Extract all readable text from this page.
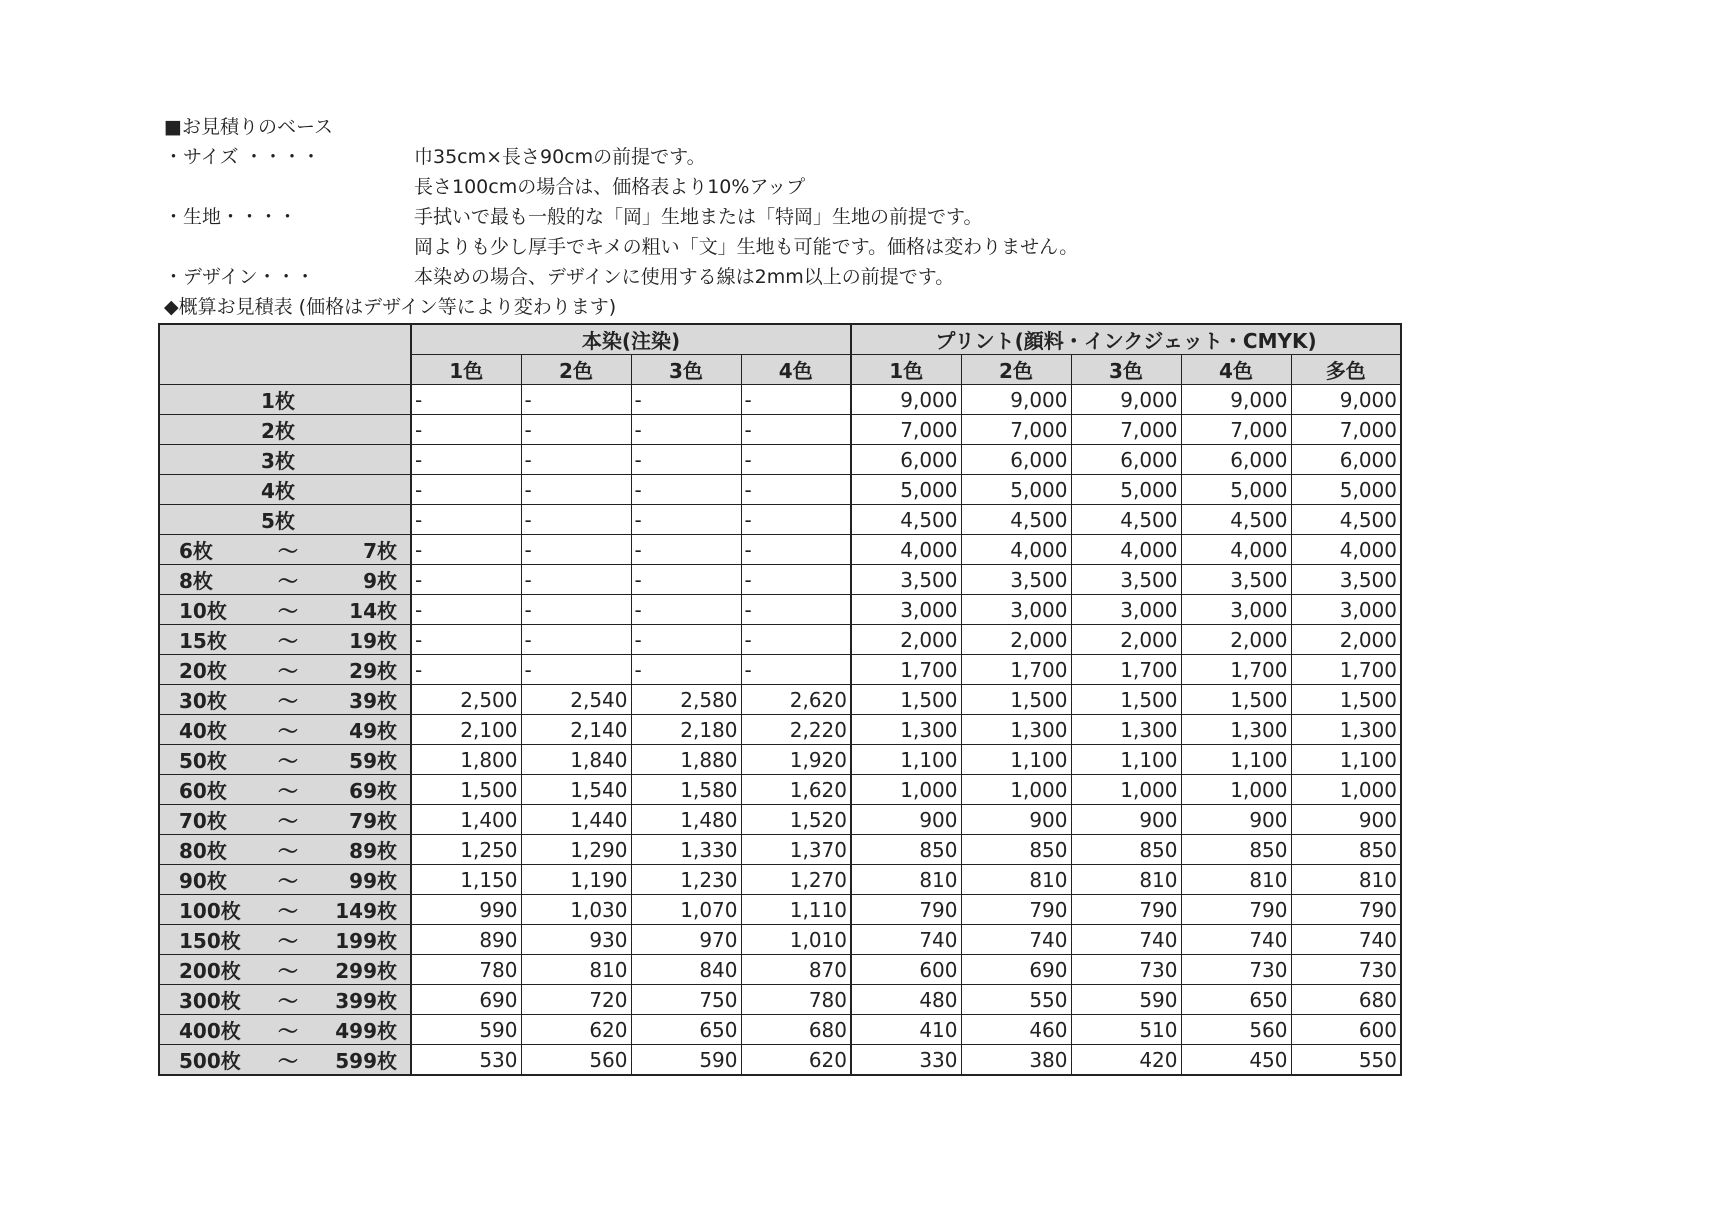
■お見積りのベース
・サイズ ・・・・	巾35cm×長さ90cmの前提です。
長さ100cmの場合は、価格表より10%アップ
・生地・・・・	手拭いで最も一般的な「岡」生地または「特岡」生地の前提です。
岡よりも少し厚手でキメの粗い「文」生地も可能です。価格は変わりません。
・デザイン・・・	本染めの場合、デザインに使用する線は2mm以上の前提です。
◆概算お見積表 (価格はデザイン等により変わります)
	本染(注染)				プリント(顔料・インクジェット・CMYK)				
	1色	2色	3色	4色	1色	2色	3色	4色	多色

1枚	-	-	-	-	9,000	9,000	9,000	9,000	9,000

2枚	-	-	-	-	7,000	7,000	7,000	7,000	7,000

3枚	-	-	-	-	6,000	6,000	6,000	6,000	6,000

4枚	-	-	-	-	5,000	5,000	5,000	5,000	5,000

5枚	-	-	-	-	4,500	4,500	4,500	4,500	4,500

6枚 ～ 7枚	-	-	-	-	4,000	4,000	4,000	4,000	4,000

8枚 ～ 9枚	-	-	-	-	3,500	3,500	3,500	3,500	3,500

10枚 ～ 14枚	-	-	-	-	3,000	3,000	3,000	3,000	3,000

15枚 ～ 19枚	-	-	-	-	2,000	2,000	2,000	2,000	2,000

20枚 ～ 29枚	-	-	-	-	1,700	1,700	1,700	1,700	1,700

30枚 ～ 39枚	2,500	2,540	2,580	2,620	1,500	1,500	1,500	1,500	1,500

40枚 ～ 49枚	2,100	2,140	2,180	2,220	1,300	1,300	1,300	1,300	1,300

50枚 ～ 59枚	1,800	1,840	1,880	1,920	1,100	1,100	1,100	1,100	1,100

60枚 ～ 69枚	1,500	1,540	1,580	1,620	1,000	1,000	1,000	1,000	1,000

70枚 ～ 79枚	1,400	1,440	1,480	1,520	900	900	900	900	900

80枚 ～ 89枚	1,250	1,290	1,330	1,370	850	850	850	850	850

90枚 ～ 99枚	1,150	1,190	1,230	1,270	810	810	810	810	810

100枚 ～ 149枚	990	1,030	1,070	1,110	790	790	790	790	790

150枚 ～ 199枚	890	930	970	1,010	740	740	740	740	740

200枚 ～ 299枚	780	810	840	870	600	690	730	730	730

300枚 ～ 399枚	690	720	750	780	480	550	590	650	680

400枚 ～ 499枚	590	620	650	680	410	460	510	560	600

500枚 ～ 599枚	530	560	590	620	330	380	420	450	550
